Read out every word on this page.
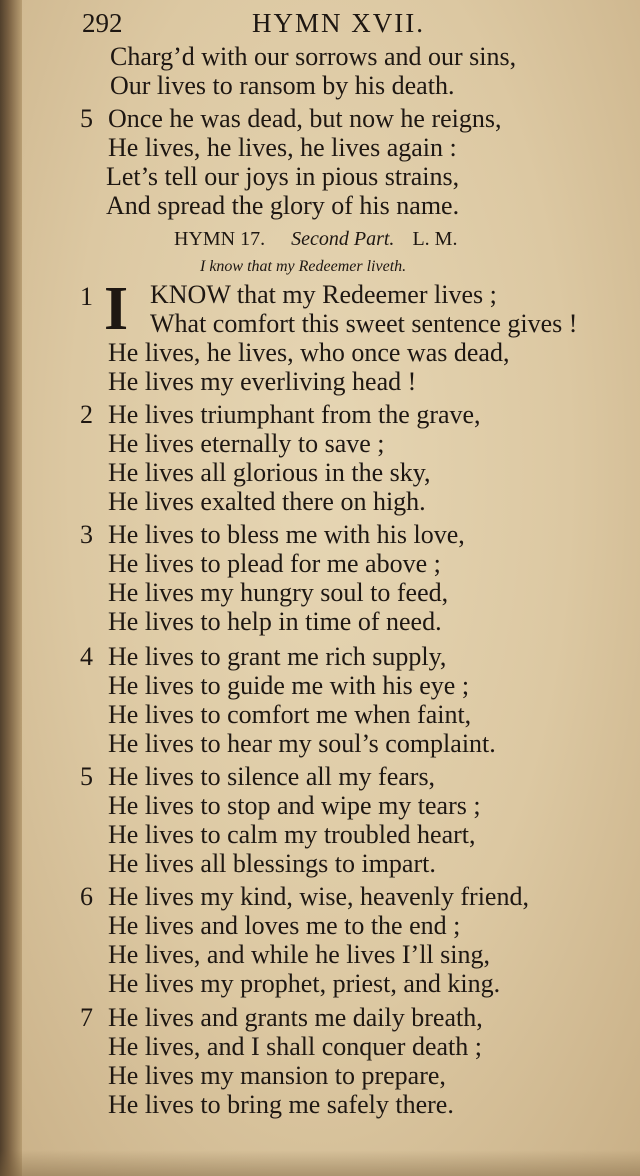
292	HYMN XVII.
Charg’d with our sorrows and our sins,
Our lives to ransom by his death.
5 Once he was dead, but now he reigns,
He lives, he lives, he lives again :
Let’s tell our joys in pious strains,
And spread the glory of his name.
HYMN 17. Second Part. L. M.
I know that my Redeemer liveth.
1 I KNOW that my Redeemer lives ;
What comfort this sweet sentence gives !
He lives, he lives, who once was dead,
He lives my everliving head !
2 He lives triumphant from the grave,
He lives eternally to save ;
He lives all glorious in the sky,
He lives exalted there on high.
3 He lives to bless me with his love,
He lives to plead for me above ;
He lives my hungry soul to feed,
He lives to help in time of need.
4 He lives to grant me rich supply,
He lives to guide me with his eye ;
He lives to comfort me when faint,
He lives to hear my soul’s complaint.
5 He lives to silence all my fears,
He lives to stop and wipe my tears ;
He lives to calm my troubled heart,
He lives all blessings to impart.
6 He lives my kind, wise, heavenly friend,
He lives and loves me to the end ;
He lives, and while he lives I’ll sing,
He lives my prophet, priest, and king.
7 He lives and grants me daily breath,
He lives, and I shall conquer death ;
He lives my mansion to prepare,
He lives to bring me safely there.
